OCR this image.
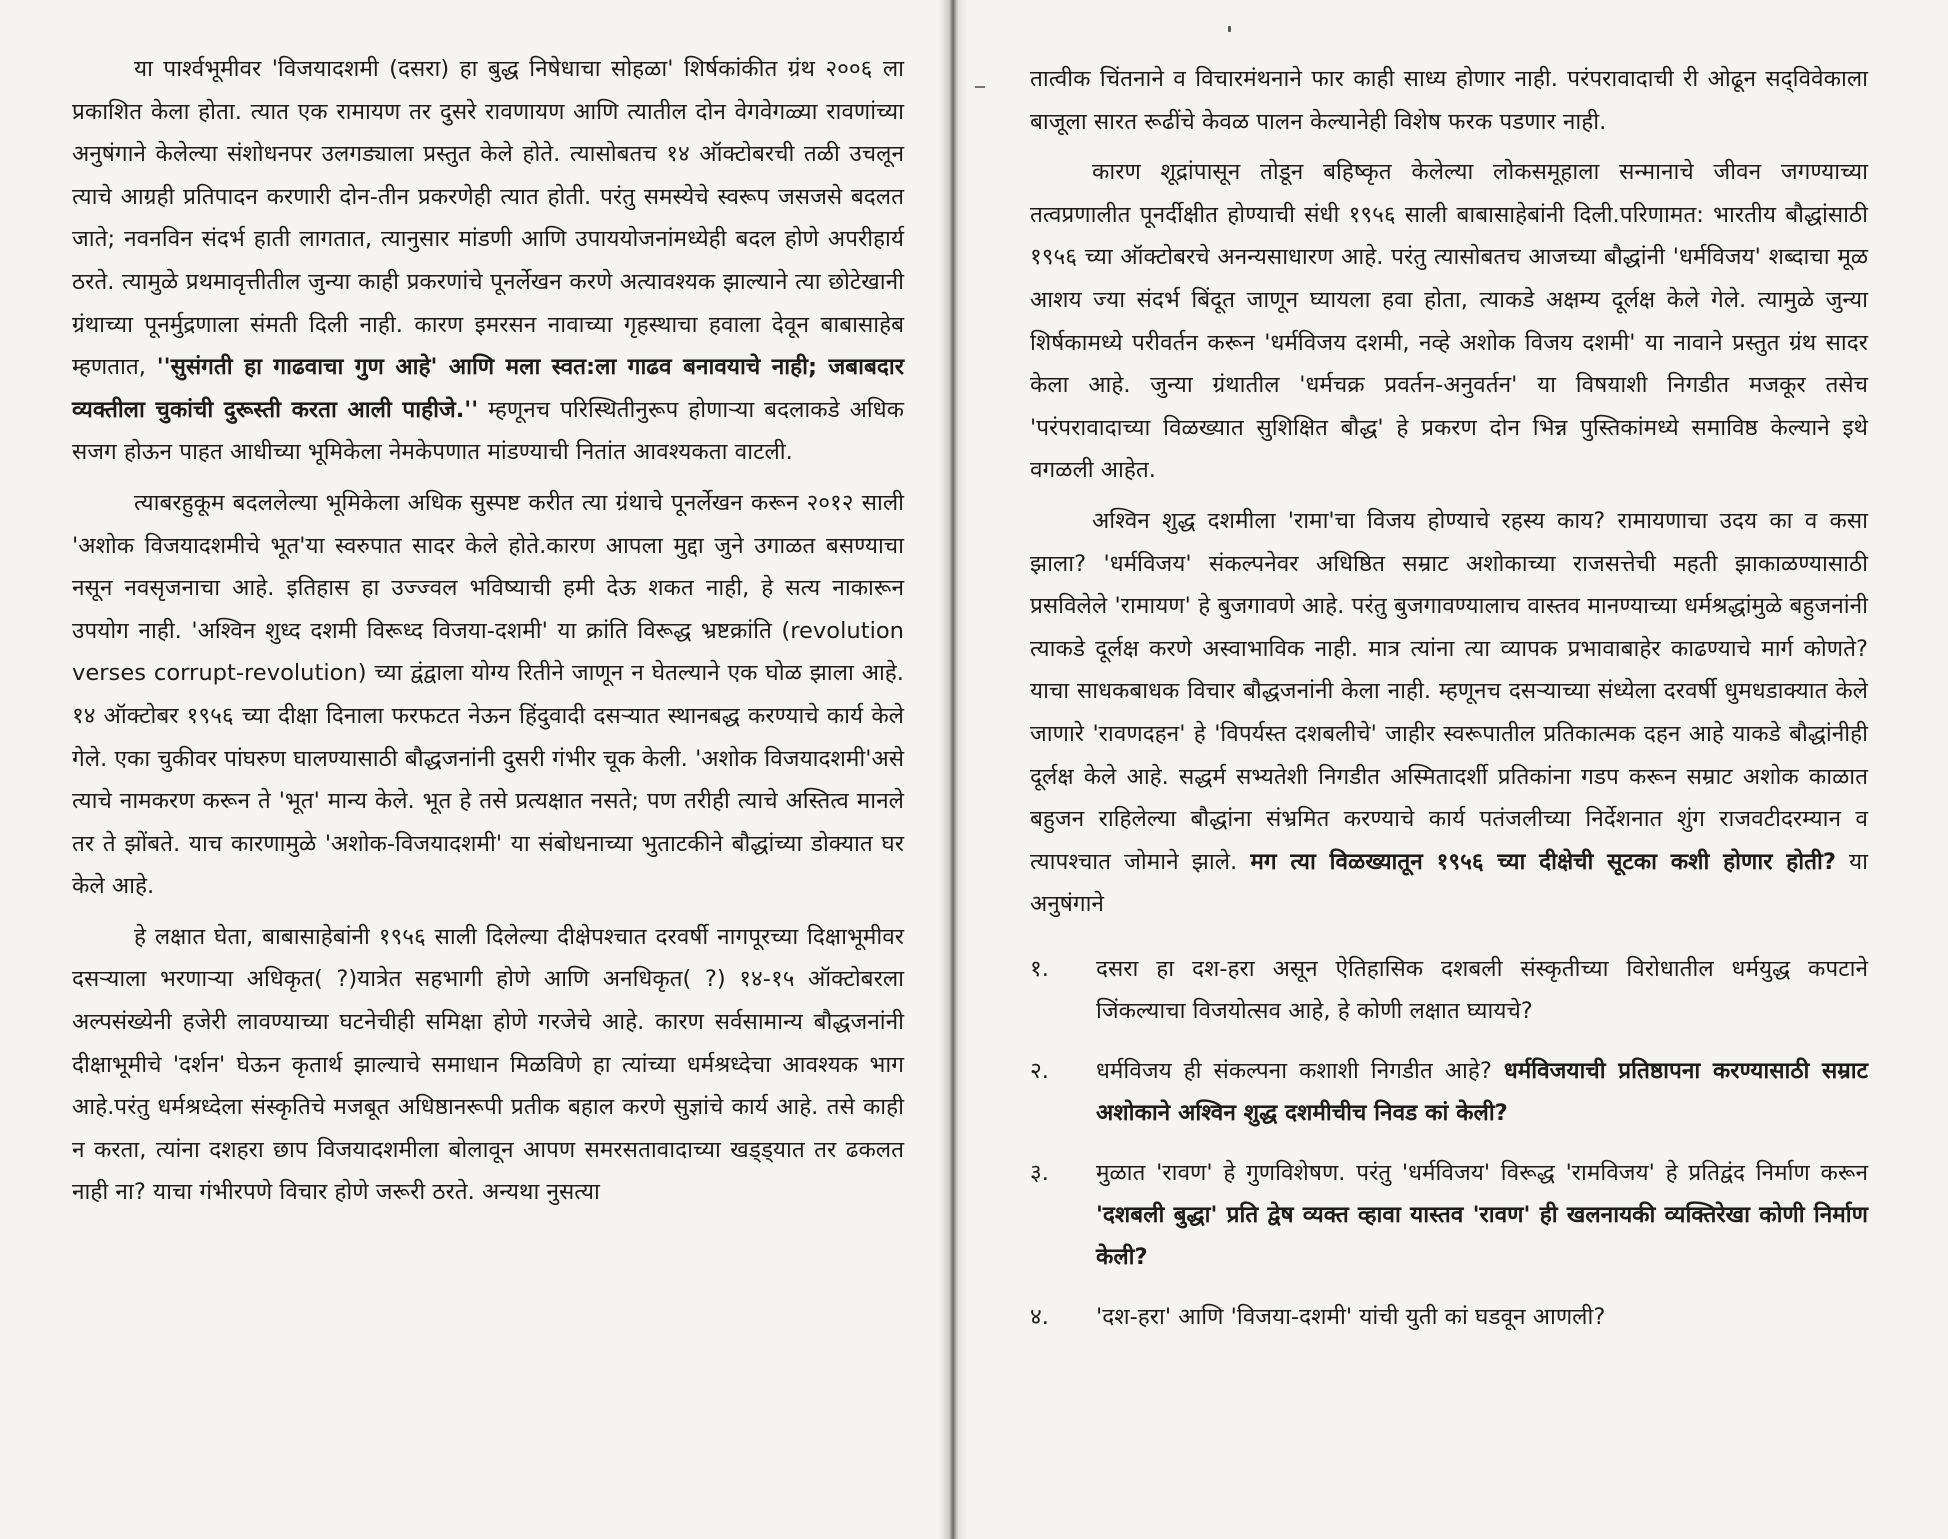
या पार्श्वभूमीवर 'विजयादशमी (दसरा) हा बुद्ध निषेधाचा सोहळा' शिर्षकांकीत ग्रंथ २००६ ला प्रकाशित केला होता. त्यात एक रामायण तर दुसरे रावणायण आणि त्यातील दोन वेगवेगळ्या रावणांच्या अनुषंगाने केलेल्या संशोधनपर उलगड्याला प्रस्तुत केले होते. त्यासोबतच १४ ऑक्टोबरची तळी उचलून त्याचे आग्रही प्रतिपादन करणारी दोन-तीन प्रकरणेही त्यात होती. परंतु समस्येचे स्वरूप जसजसे बदलत जाते; नवनविन संदर्भ हाती लागतात, त्यानुसार मांडणी आणि उपाययोजनांमध्येही बदल होणे अपरीहार्य ठरते. त्यामुळे प्रथमावृत्तीतील जुन्या काही प्रकरणांचे पूनर्लेखन करणे अत्यावश्यक झाल्याने त्या छोटेखानी ग्रंथाच्या पूनर्मुद्रणाला संमती दिली नाही. कारण इमरसन नावाच्या गृहस्थाचा हवाला देवून बाबासाहेब म्हणतात, ''सुसंगती हा गाढवाचा गुण आहे' आणि मला स्वत:ला गाढव बनावयाचे नाही; जबाबदार व्यक्तीला चुकांची दुरूस्ती करता आली पाहीजे.'' म्हणूनच परिस्थितीनुरूप होणाऱ्या बदलाकडे अधिक सजग होऊन पाहत आधीच्या भूमिकेला नेमकेपणात मांडण्याची नितांत आवश्यकता वाटली.

त्याबरहुकूम बदललेल्या भूमिकेला अधिक सुस्पष्ट करीत त्या ग्रंथाचे पूनर्लेखन करून २०१२ साली 'अशोक विजयादशमीचे भूत'या स्वरुपात सादर केले होते.कारण आपला मुद्दा जुने उगाळत बसण्याचा नसून नवसृजनाचा आहे. इतिहास हा उज्ज्वल भविष्याची हमी देऊ शकत नाही, हे सत्य नाकारून उपयोग नाही. 'अश्विन शुध्द दशमी विरूध्द विजया-दशमी' या क्रांति विरूद्ध भ्रष्टक्रांति (revolution verses corrupt-revolution) च्या द्वंद्वाला योग्य रितीने जाणून न घेतल्याने एक घोळ झाला आहे. १४ ऑक्टोबर १९५६ च्या दीक्षा दिनाला फरफटत नेऊन हिंदुवादी दसऱ्यात स्थानबद्ध करण्याचे कार्य केले गेले. एका चुकीवर पांघरुण घालण्यासाठी बौद्धजनांनी दुसरी गंभीर चूक केली. 'अशोक विजयादशमी'असे त्याचे नामकरण करून ते 'भूत' मान्य केले. भूत हे तसे प्रत्यक्षात नसते; पण तरीही त्याचे अस्तित्व मानले तर ते झोंबते. याच कारणामुळे 'अशोक-विजयादशमी' या संबोधनाच्या भुताटकीने बौद्धांच्या डोक्यात घर केले आहे.

हे लक्षात घेता, बाबासाहेबांनी १९५६ साली दिलेल्या दीक्षेपश्चात दरवर्षी नागपूरच्या दिक्षाभूमीवर दसऱ्याला भरणाऱ्या अधिकृत( ?)यात्रेत सहभागी होणे आणि अनधिकृत( ?) १४-१५ ऑक्टोबरला अल्पसंख्येनी हजेरी लावण्याच्या घटनेचीही समिक्षा होणे गरजेचे आहे. कारण सर्वसामान्य बौद्धजनांनी दीक्षाभूमीचे 'दर्शन' घेऊन कृतार्थ झाल्याचे समाधान मिळविणे हा त्यांच्या धर्मश्रध्देचा आवश्यक भाग आहे.परंतु धर्मश्रध्देला संस्कृतिचे मजबूत अधिष्ठानरूपी प्रतीक बहाल करणे सुज्ञांचे कार्य आहे. तसे काही न करता, त्यांना दशहरा छाप विजयादशमीला बोलावून आपण समरसतावादाच्या खड्ड्यात तर ढकलत नाही ना? याचा गंभीरपणे विचार होणे जरूरी ठरते. अन्यथा नुसत्या

तात्वीक चिंतनाने व विचारमंथनाने फार काही साध्य होणार नाही. परंपरावादाची री ओढून सद्‌विवेकाला बाजूला सारत रूढींचे केवळ पालन केल्यानेही विशेष फरक पडणार नाही.

कारण शूद्रांपासून तोडून बहिष्कृत केलेल्या लोकसमूहाला सन्मानाचे जीवन जगण्याच्या तत्वप्रणालीत पूनर्दीक्षीत होण्याची संधी १९५६ साली बाबासाहेबांनी दिली.परिणामत: भारतीय बौद्धांसाठी १९५६ च्या ऑक्टोबरचे अनन्यसाधारण आहे. परंतु त्यासोबतच आजच्या बौद्धांनी 'धर्मविजय' शब्दाचा मूळ आशय ज्या संदर्भ बिंदूत जाणून घ्यायला हवा होता, त्याकडे अक्षम्य दूर्लक्ष केले गेले. त्यामुळे जुन्या शिर्षकामध्ये परीवर्तन करून 'धर्मविजय दशमी, नव्हे अशोक विजय दशमी' या नावाने प्रस्तुत ग्रंथ सादर केला आहे. जुन्या ग्रंथातील 'धर्मचक्र प्रवर्तन-अनुवर्तन' या विषयाशी निगडीत मजकूर तसेच 'परंपरावादाच्या विळख्यात सुशिक्षित बौद्ध' हे प्रकरण दोन भिन्न पुस्तिकांमध्ये समाविष्ठ केल्याने इथे वगळली आहेत.

अश्विन शुद्ध दशमीला 'रामा'चा विजय होण्याचे रहस्य काय? रामायणाचा उदय का व कसा झाला? 'धर्मविजय' संकल्पनेवर अधिष्ठित सम्राट अशोकाच्या राजसत्तेची महती झाकाळण्यासाठी प्रसविलेले 'रामायण' हे बुजगावणे आहे. परंतु बुजगावण्यालाच वास्तव मानण्याच्या धर्मश्रद्धांमुळे बहुजनांनी त्याकडे दूर्लक्ष करणे अस्वाभाविक नाही. मात्र त्यांना त्या व्यापक प्रभावाबाहेर काढण्याचे मार्ग कोणते? याचा साधकबाधक विचार बौद्धजनांनी केला नाही. म्हणूनच दसऱ्याच्या संध्येला दरवर्षी धुमधडाक्यात केले जाणारे 'रावणदहन' हे 'विपर्यस्त दशबलीचे' जाहीर स्वरूपातील प्रतिकात्मक दहन आहे याकडे बौद्धांनीही दूर्लक्ष केले आहे. सद्धर्म सभ्यतेशी निगडीत अस्मितादर्शी प्रतिकांना गडप करून सम्राट अशोक काळात बहुजन राहिलेल्या बौद्धांना संभ्रमित करण्याचे कार्य पतंजलीच्या निर्देशनात शुंग राजवटीदरम्यान व त्यापश्चात जोमाने झाले. मग त्या विळख्यातून १९५६ च्या दीक्षेची सूटका कशी होणार होती? या अनुषंगाने

१. दसरा हा दश-हरा असून ऐतिहासिक दशबली संस्कृतीच्या विरोधातील धर्मयुद्ध कपटाने जिंकल्याचा विजयोत्सव आहे, हे कोणी लक्षात घ्यायचे?
२. धर्मविजय ही संकल्पना कशाशी निगडीत आहे? धर्मविजयाची प्रतिष्ठापना करण्यासाठी सम्राट अशोकाने अश्विन शुद्ध दशमीचीच निवड कां केली?
३. मुळात 'रावण' हे गुणविशेषण. परंतु 'धर्मविजय' विरूद्ध 'रामविजय' हे प्रतिद्वंद निर्माण करून 'दशबली बुद्धा' प्रति द्वेष व्यक्त व्हावा यास्तव 'रावण' ही खलनायकी व्यक्तिरेखा कोणी निर्माण केली?
४. 'दश-हरा' आणि 'विजया-दशमी' यांची युती कां घडवून आणली?
